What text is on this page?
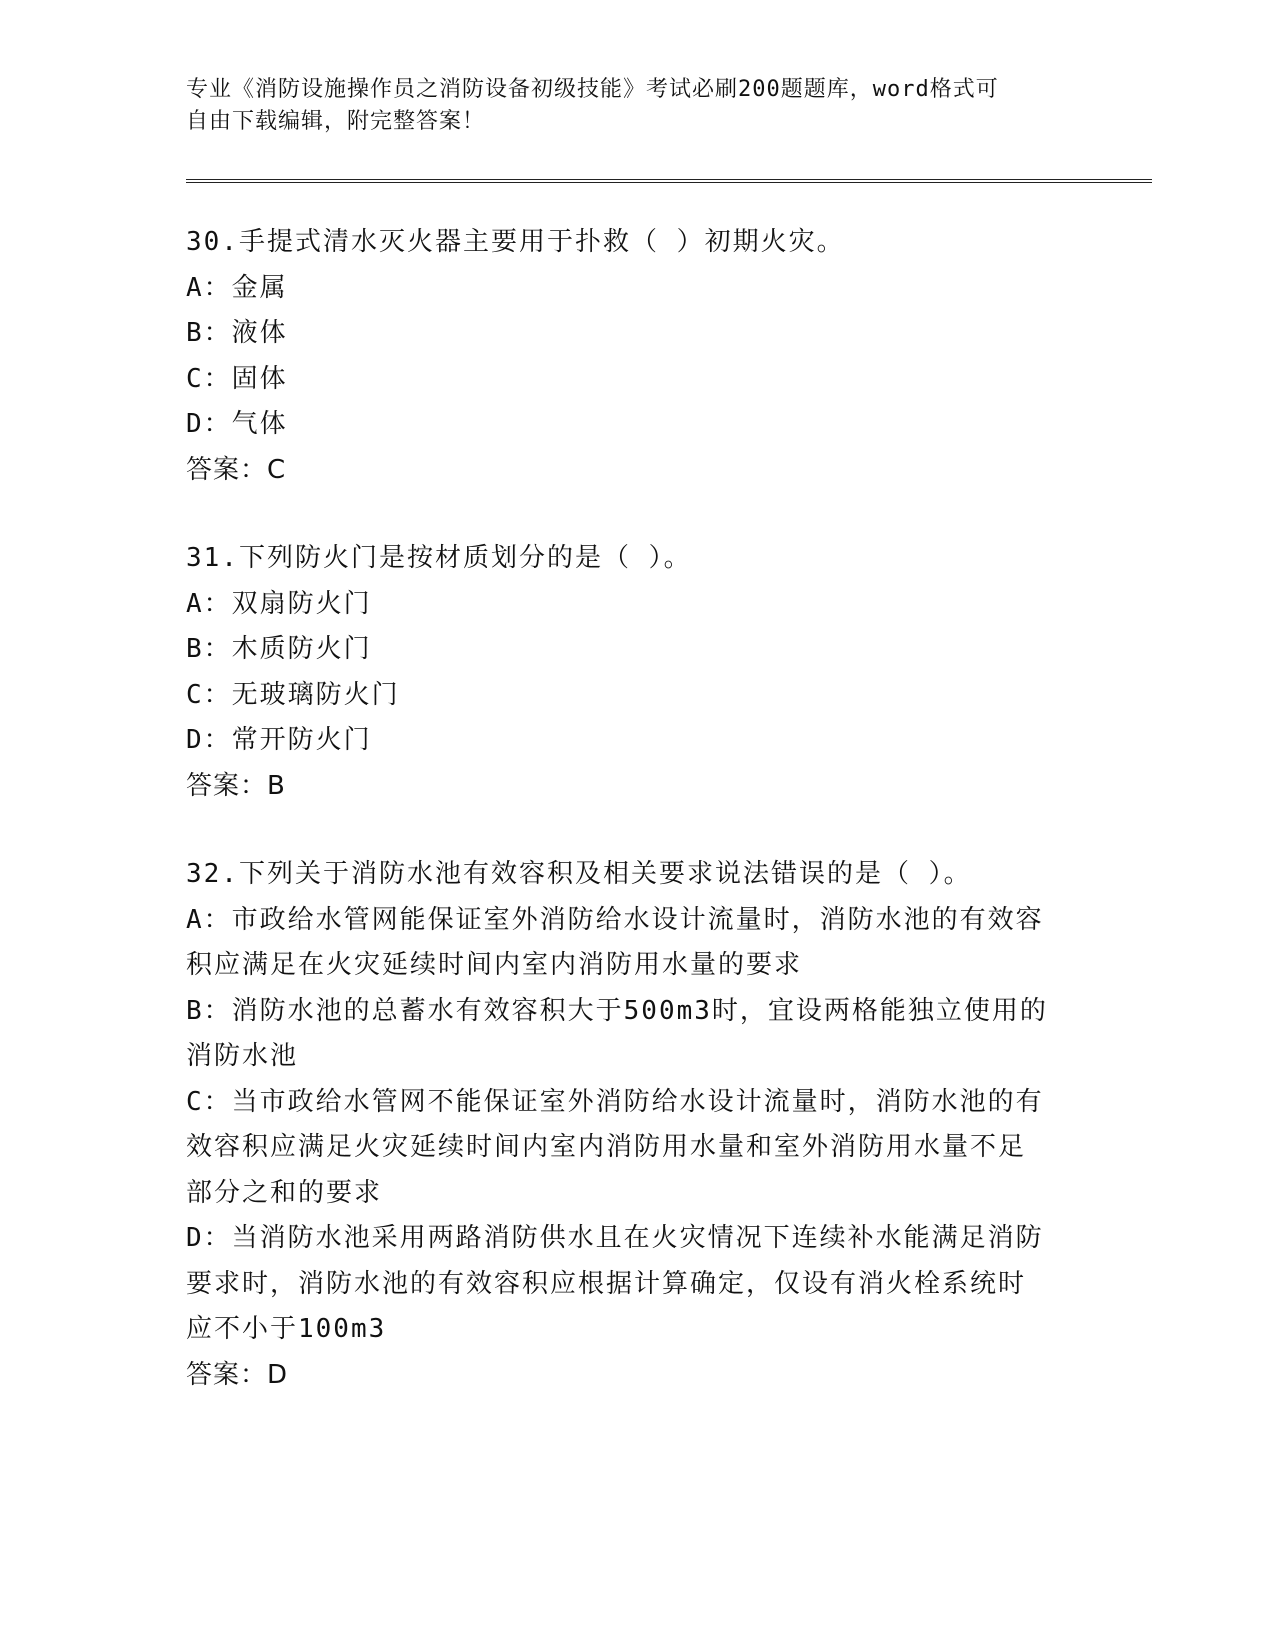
专业《消防设施操作员之消防设备初级技能》考试必刷200题题库，word格式可
自由下载编辑，附完整答案！
30.手提式清水灭火器主要用于扑救（ ）初期火灾。
A：金属
B：液体
C：固体
D：气体
答案：C
31.下列防火门是按材质划分的是（ ）。
A：双扇防火门
B：木质防火门
C：无玻璃防火门
D：常开防火门
答案：B
32.下列关于消防水池有效容积及相关要求说法错误的是（ ）。
A：市政给水管网能保证室外消防给水设计流量时，消防水池的有效容
积应满足在火灾延续时间内室内消防用水量的要求
B：消防水池的总蓄水有效容积大于500m3时，宜设两格能独立使用的
消防水池
C：当市政给水管网不能保证室外消防给水设计流量时，消防水池的有
效容积应满足火灾延续时间内室内消防用水量和室外消防用水量不足
部分之和的要求
D：当消防水池采用两路消防供水且在火灾情况下连续补水能满足消防
要求时，消防水池的有效容积应根据计算确定，仅设有消火栓系统时
应不小于100m3
答案：D
